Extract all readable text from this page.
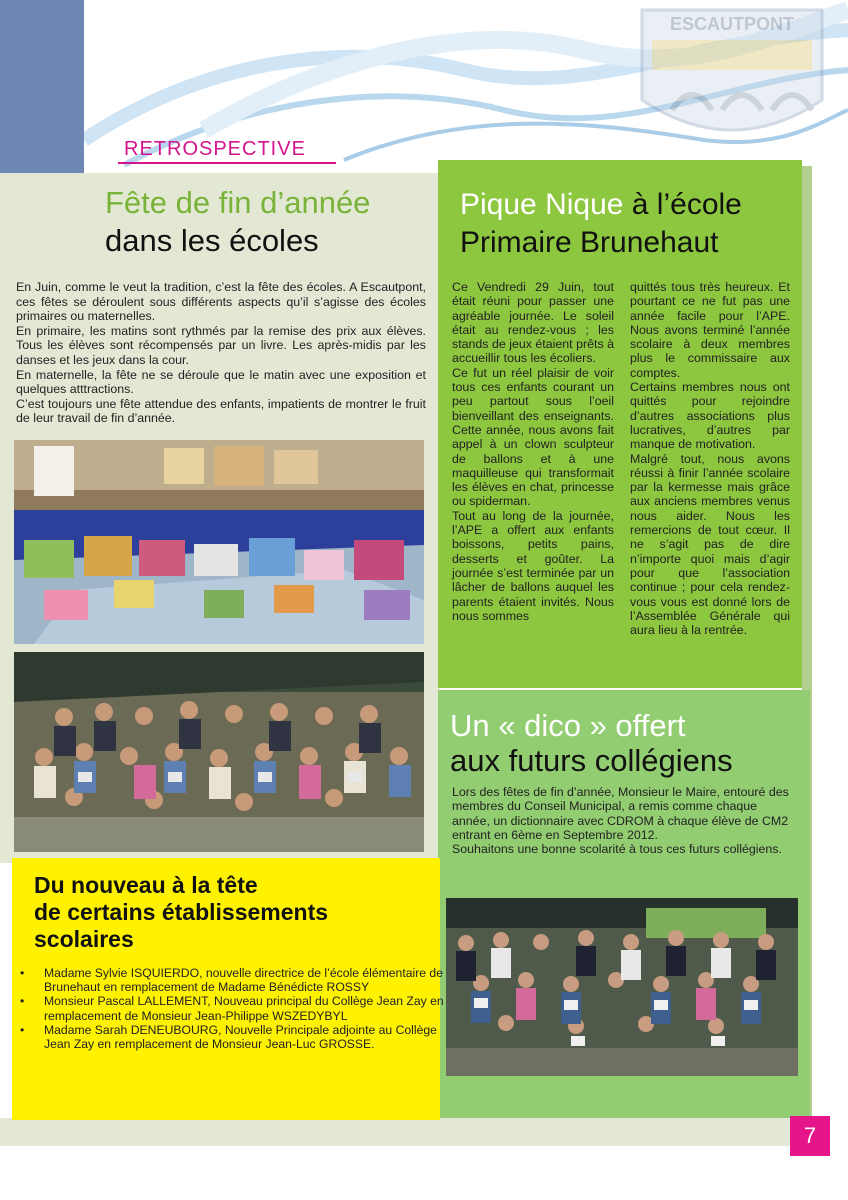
ESCAUTPONT
RETROSPECTIVE
Fête de fin d’année
dans les écoles

En Juin, comme le veut la tradition, c’est la fête des écoles. A Escautpont, ces fêtes se déroulent sous différents aspects qu’il s’agisse des écoles primaires ou maternelles.

En primaire, les matins sont rythmés par la remise des prix aux élèves. Tous les élèves sont récompensés par un livre. Les après-midis par les danses et les jeux dans la cour.

En maternelle, la fête ne se déroule que le matin avec une exposition et quelques atttractions.

C’est toujours une fête attendue des enfants, impatients de montrer le fruit de leur travail de fin d’année.

Pique Nique à l’école
Primaire Brunehaut

Ce Vendredi 29 Juin, tout était réuni pour passer une agréable journée. Le soleil était au rendez-vous ; les stands de jeux étaient prêts à accueillir tous les écoliers.

Ce fut un réel plaisir de voir tous ces enfants courant un peu partout sous l’oeil bienveillant des enseignants. Cette année, nous avons fait appel à un clown sculpteur de ballons et à une maquilleuse qui transformait les élèves en chat, princesse ou spiderman.

Tout au long de la journée, l’APE a offert aux enfants boissons, petits pains, desserts et goûter. La journée s’est terminée par un lâcher de ballons auquel les parents étaient invités. Nous nous sommes

quittés tous très heureux. Et pourtant ce ne fut pas une année facile pour l’APE. Nous avons terminé l’année scolaire à deux membres plus le commissaire aux comptes.

Certains membres nous ont quittés pour rejoindre d’autres associations plus lucratives, d’autres par manque de motivation.

Malgré tout, nous avons réussi à finir l’année scolaire par la kermesse mais grâce aux anciens membres venus nous aider. Nous les remercions de tout cœur. Il ne s’agit pas de dire n’importe quoi mais d’agir pour que l’association continue ; pour cela rendez-vous vous est donné lors de l’Assemblée Générale qui aura lieu à la rentrée.

Un « dico » offert
aux futurs collégiens

Lors des fêtes de fin d’année, Monsieur le Maire, entouré des membres du Conseil Municipal, a remis comme chaque année, un dictionnaire avec CDROM à chaque élève de CM2 entrant en 6ème en Septembre 2012.

Souhaitons une bonne scolarité à tous ces futurs collégiens.

Du nouveau à la tête
de certains établissements
scolaires
• Madame Sylvie ISQUIERDO, nouvelle directrice de l’école élémentaire de Brunehaut en remplacement de Madame Bénédicte ROSSY
• Monsieur Pascal LALLEMENT, Nouveau principal du Collège Jean Zay en remplacement de Monsieur Jean-Philippe WSZEDYBYL
• Madame Sarah DENEUBOURG, Nouvelle Principale adjointe au Collège Jean Zay en remplacement de Monsieur Jean-Luc GROSSE.
7
